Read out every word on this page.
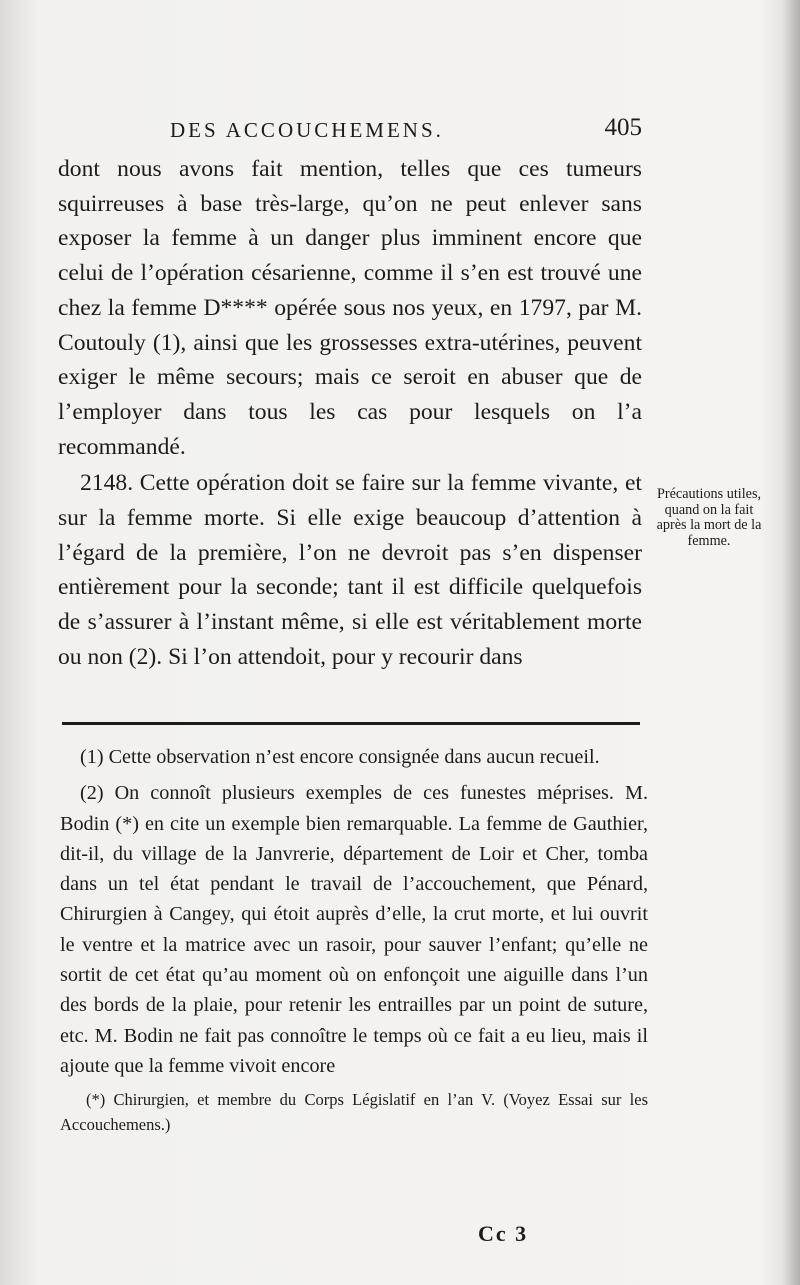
DES ACCOUCHEMENS.	405

dont nous avons fait mention, telles que ces tumeurs squirreuses à base très-large, qu’on ne peut enlever sans exposer la femme à un danger plus imminent encore que celui de l’opération césarienne, comme il s’en est trouvé une chez la femme D**** opérée sous nos yeux, en 1797, par M. Coutouly (1), ainsi que les grossesses extra-utérines, peuvent exiger le même secours; mais ce seroit en abuser que de l’employer dans tous les cas pour lesquels on l’a recommandé.

2148. Cette opération doit se faire sur la femme vivante, et sur la femme morte. Si elle exige beaucoup d’attention à l’égard de la première, l’on ne devroit pas s’en dispenser entièrement pour la seconde; tant il est difficile quelquefois de s’assurer à l’instant même, si elle est véritablement morte ou non (2). Si l’on attendoit, pour y recourir dans

Précautions utiles, quand on la fait après la mort de la femme.

(1) Cette observation n’est encore consignée dans aucun recueil.

(2) On connoît plusieurs exemples de ces funestes méprises. M. Bodin (*) en cite un exemple bien remarquable. La femme de Gauthier, dit-il, du village de la Janvrerie, département de Loir et Cher, tomba dans un tel état pendant le travail de l’accouchement, que Pénard, Chirurgien à Cangey, qui étoit auprès d’elle, la crut morte, et lui ouvrit le ventre et la matrice avec un rasoir, pour sauver l’enfant; qu’elle ne sortit de cet état qu’au moment où on enfonçoit une aiguille dans l’un des bords de la plaie, pour retenir les entrailles par un point de suture, etc. M. Bodin ne fait pas connoître le temps où ce fait a eu lieu, mais il ajoute que la femme vivoit encore

(*) Chirurgien, et membre du Corps Législatif en l’an V. (Voyez Essai sur les Accouchemens.)

Cc 3
